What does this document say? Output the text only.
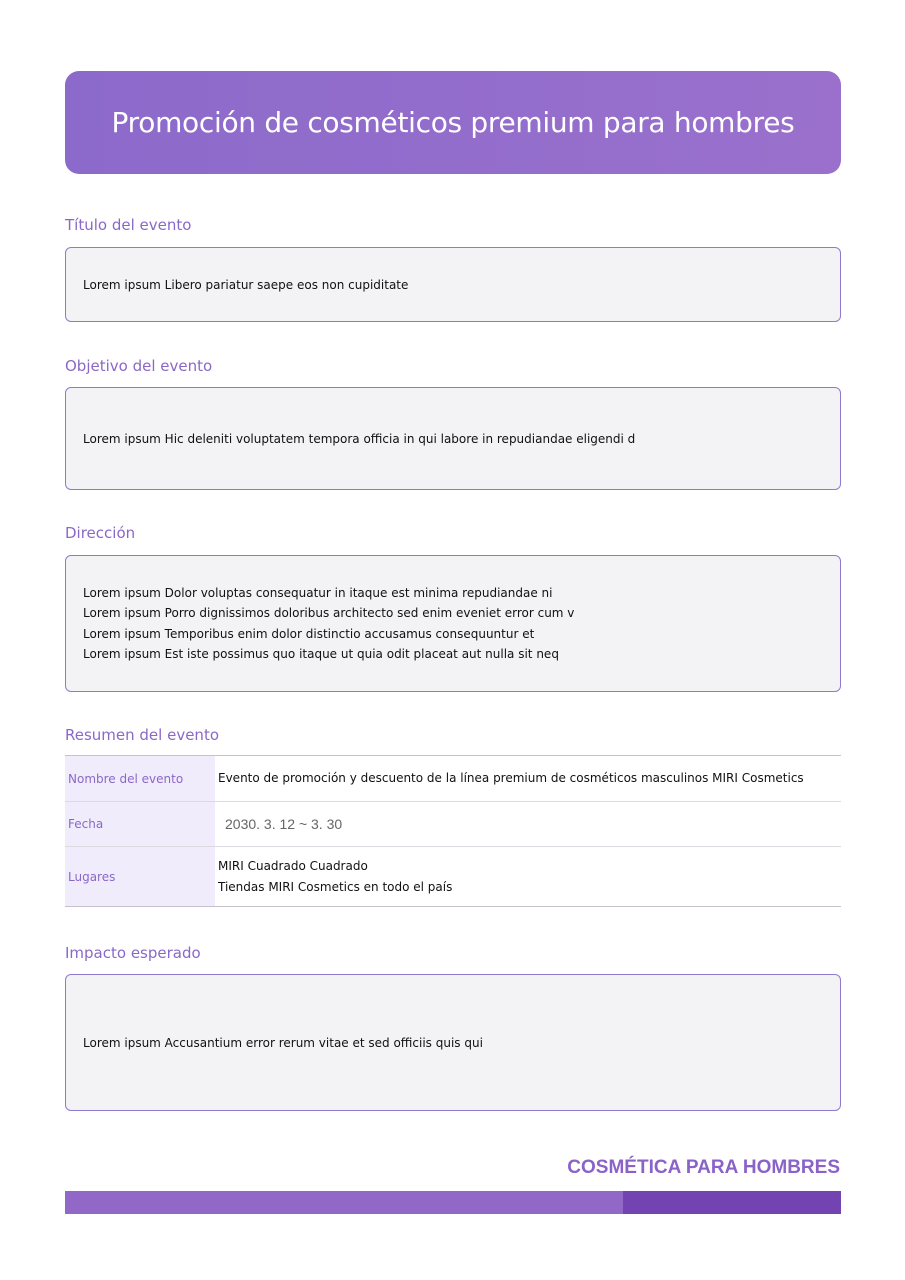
Promoción de cosméticos premium para hombres
Título del evento
Lorem ipsum Libero pariatur saepe eos non cupiditate
Objetivo del evento
Lorem ipsum Hic deleniti voluptatem tempora officia in qui labore in repudiandae eligendi d
Dirección
Lorem ipsum Dolor voluptas consequatur in itaque est minima repudiandae ni
Lorem ipsum Porro dignissimos doloribus architecto sed enim eveniet error cum v
Lorem ipsum Temporibus enim dolor distinctio accusamus consequuntur et
Lorem ipsum Est iste possimus quo itaque ut quia odit placeat aut nulla sit neq
Resumen del evento
Nombre del evento	Evento de promoción y descuento de la línea premium de cosméticos masculinos MIRI Cosmetics
Fecha	2030. 3. 12 ~ 3. 30
Lugares
MIRI Cuadrado Cuadrado
Tiendas MIRI Cosmetics en todo el país
Impacto esperado
Lorem ipsum Accusantium error rerum vitae et sed officiis quis qui
COSMÉTICA PARA HOMBRES
